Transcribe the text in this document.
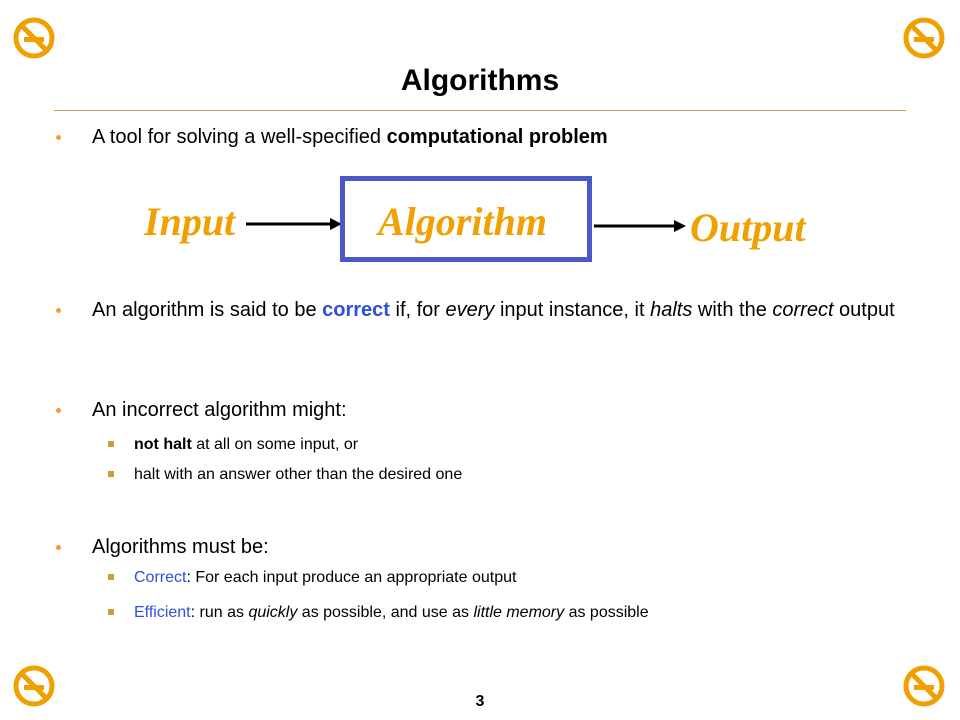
Algorithms
A tool for solving a well-specified computational problem
Input	Algorithm	Output
An algorithm is said to be correct if, for every input instance, it halts with the correct output
An incorrect algorithm might:
not halt at all on some input, or
halt with an answer other than the desired one
Algorithms must be:
Correct: For each input produce an appropriate output
Efficient: run as quickly as possible, and use as little memory as possible
3
